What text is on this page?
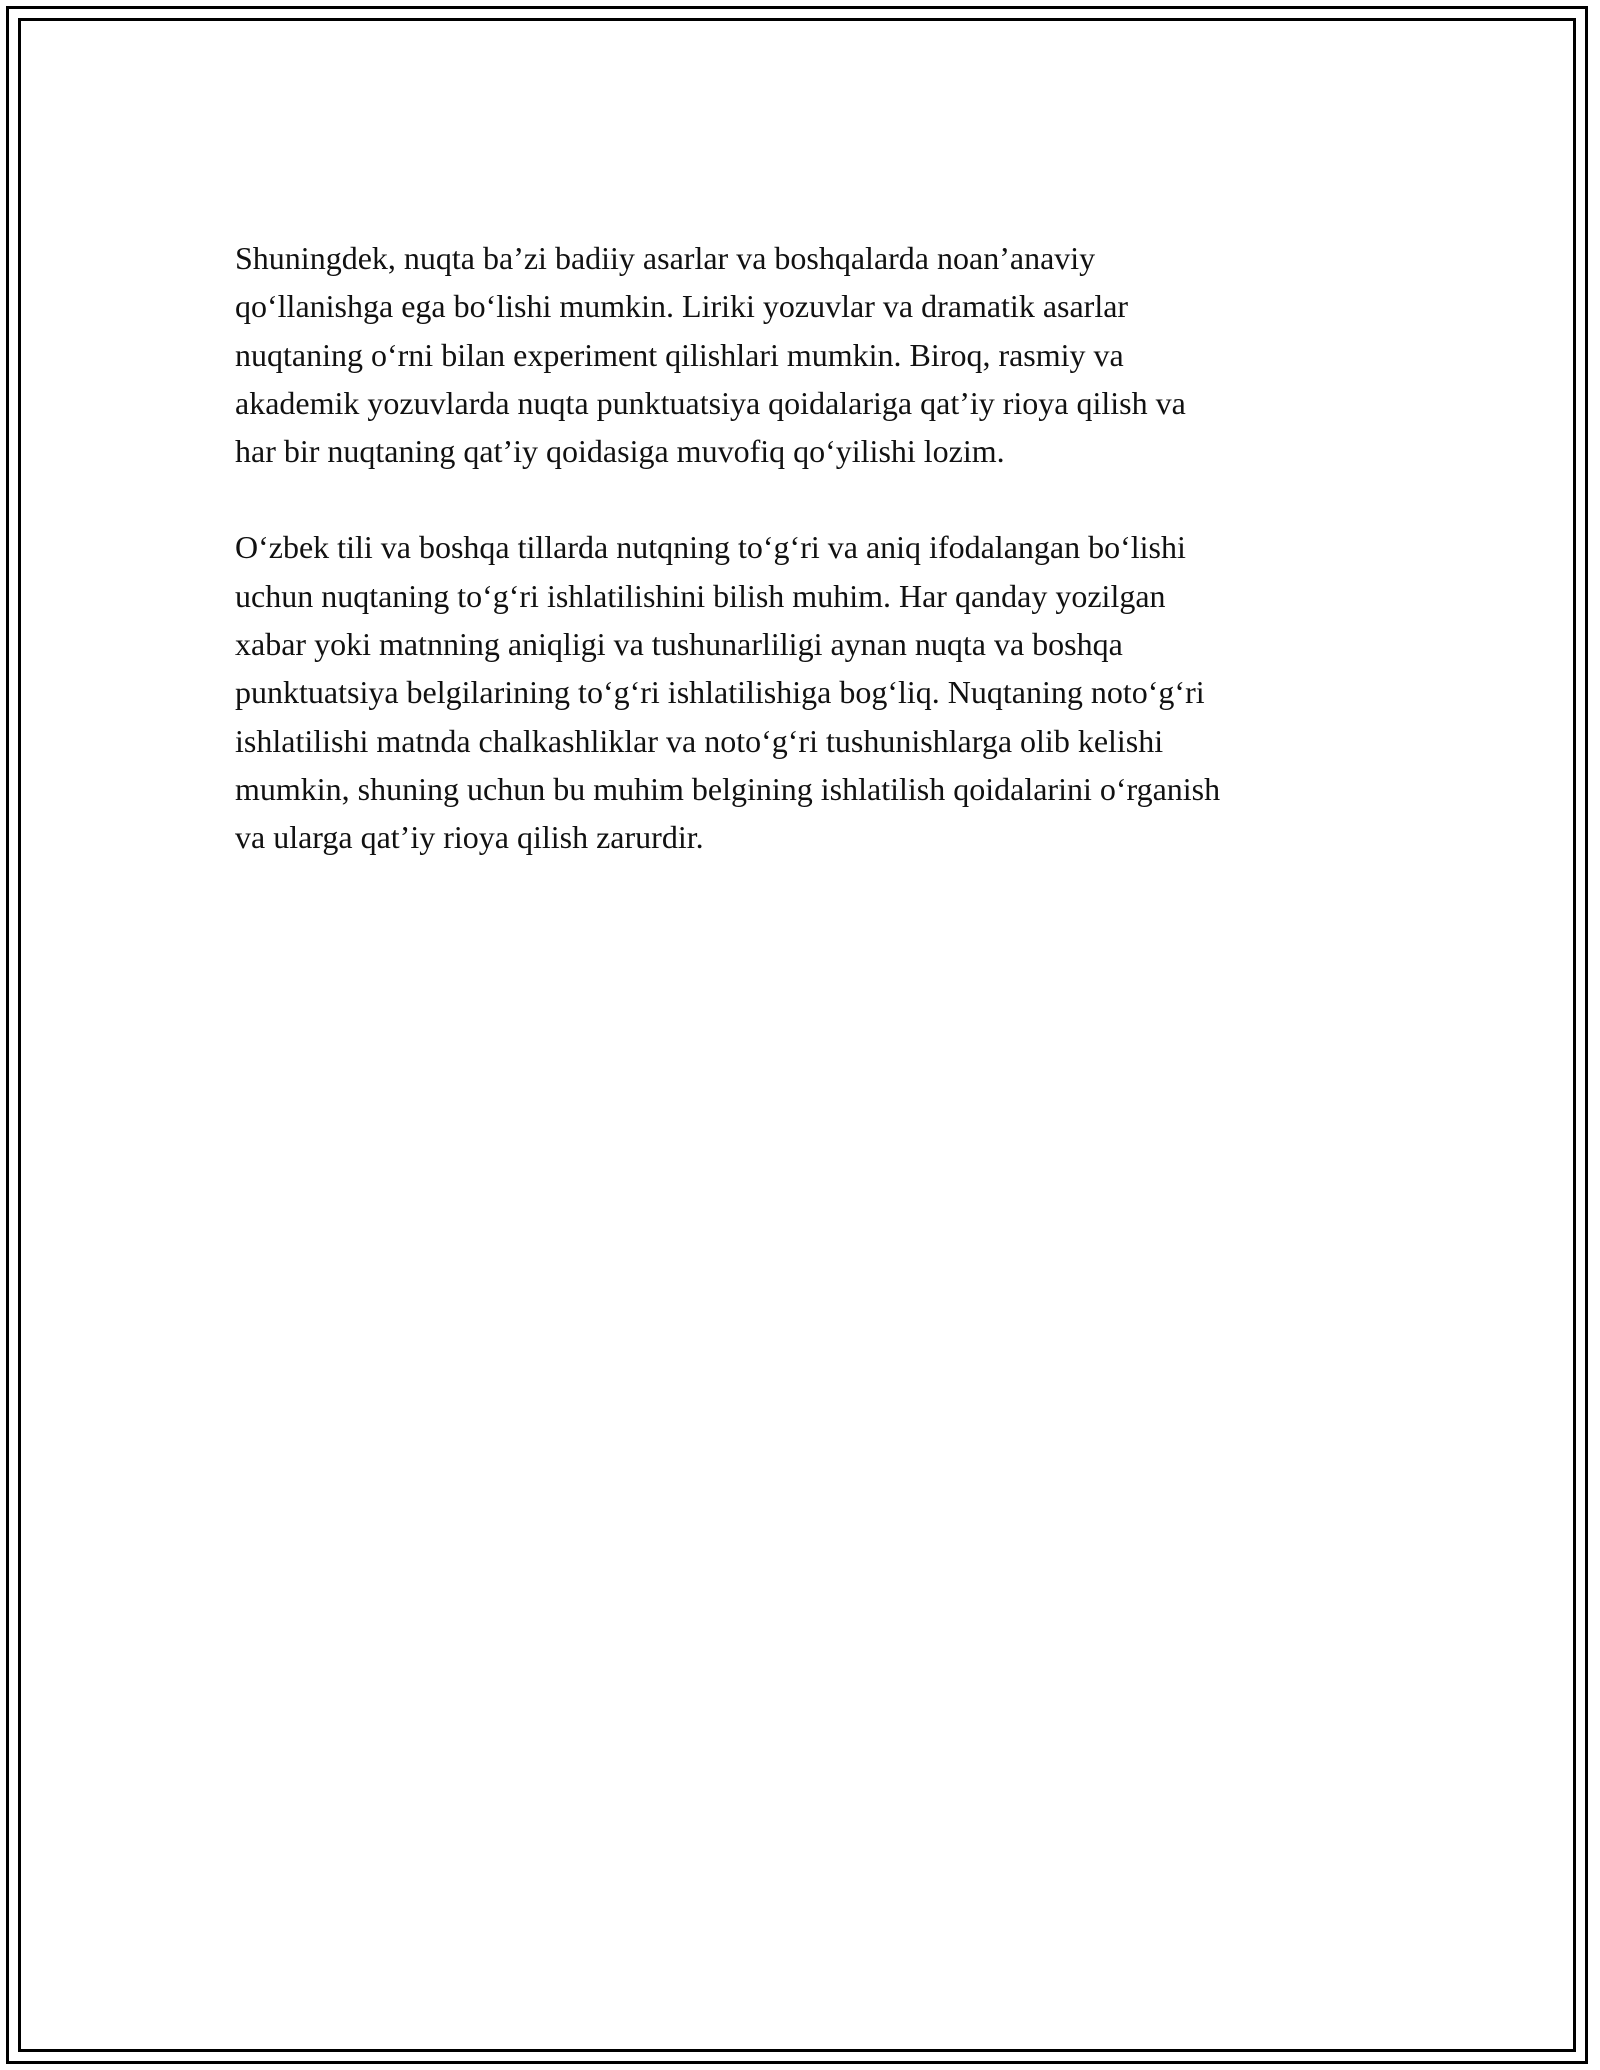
Shuningdek, nuqta ba’zi badiiy asarlar va boshqalarda noan’anaviy
qo‘llanishga ega bo‘lishi mumkin. Liriki yozuvlar va dramatik asarlar
nuqtaning o‘rni bilan experiment qilishlari mumkin. Biroq, rasmiy va
akademik yozuvlarda nuqta punktuatsiya qoidalariga qat’iy rioya qilish va
har bir nuqtaning qat’iy qoidasiga muvofiq qo‘yilishi lozim.

O‘zbek tili va boshqa tillarda nutqning to‘g‘ri va aniq ifodalangan bo‘lishi
uchun nuqtaning to‘g‘ri ishlatilishini bilish muhim. Har qanday yozilgan
xabar yoki matnning aniqligi va tushunarliligi aynan nuqta va boshqa
punktuatsiya belgilarining to‘g‘ri ishlatilishiga bog‘liq. Nuqtaning noto‘g‘ri
ishlatilishi matnda chalkashliklar va noto‘g‘ri tushunishlarga olib kelishi
mumkin, shuning uchun bu muhim belgining ishlatilish qoidalarini o‘rganish
va ularga qat’iy rioya qilish zarurdir.
